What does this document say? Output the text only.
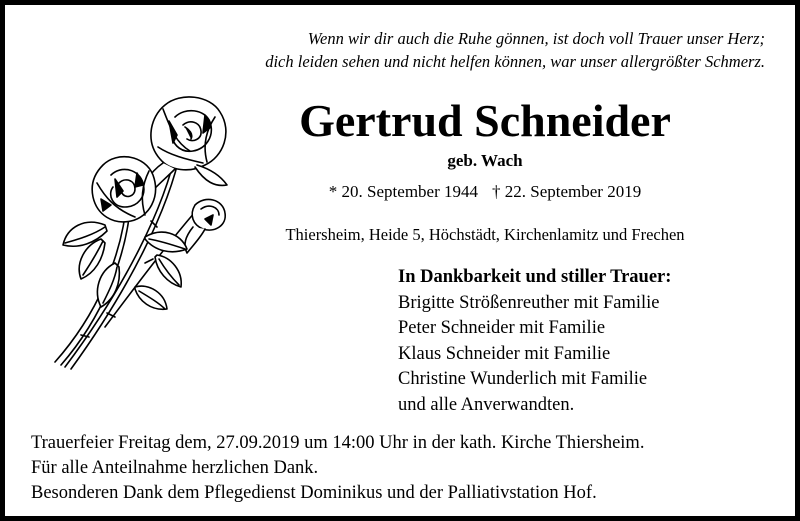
Wenn wir dir auch die Ruhe gönnen, ist doch voll Trauer unser Herz;
dich leiden sehen und nicht helfen können, war unser allergrößter Schmerz.
Gertrud Schneider
geb. Wach
* 20. September 1944 † 22. September 2019
Thiersheim, Heide 5, Höchstädt, Kirchenlamitz und Frechen
In Dankbarkeit und stiller Trauer:
Brigitte Strößenreuther mit Familie
Peter Schneider mit Familie
Klaus Schneider mit Familie
Christine Wunderlich mit Familie
und alle Anverwandten.
Trauerfeier Freitag dem, 27.09.2019 um 14:00 Uhr in der kath. Kirche Thiersheim.
Für alle Anteilnahme herzlichen Dank.
Besonderen Dank dem Pflegedienst Dominikus und der Palliativstation Hof.
